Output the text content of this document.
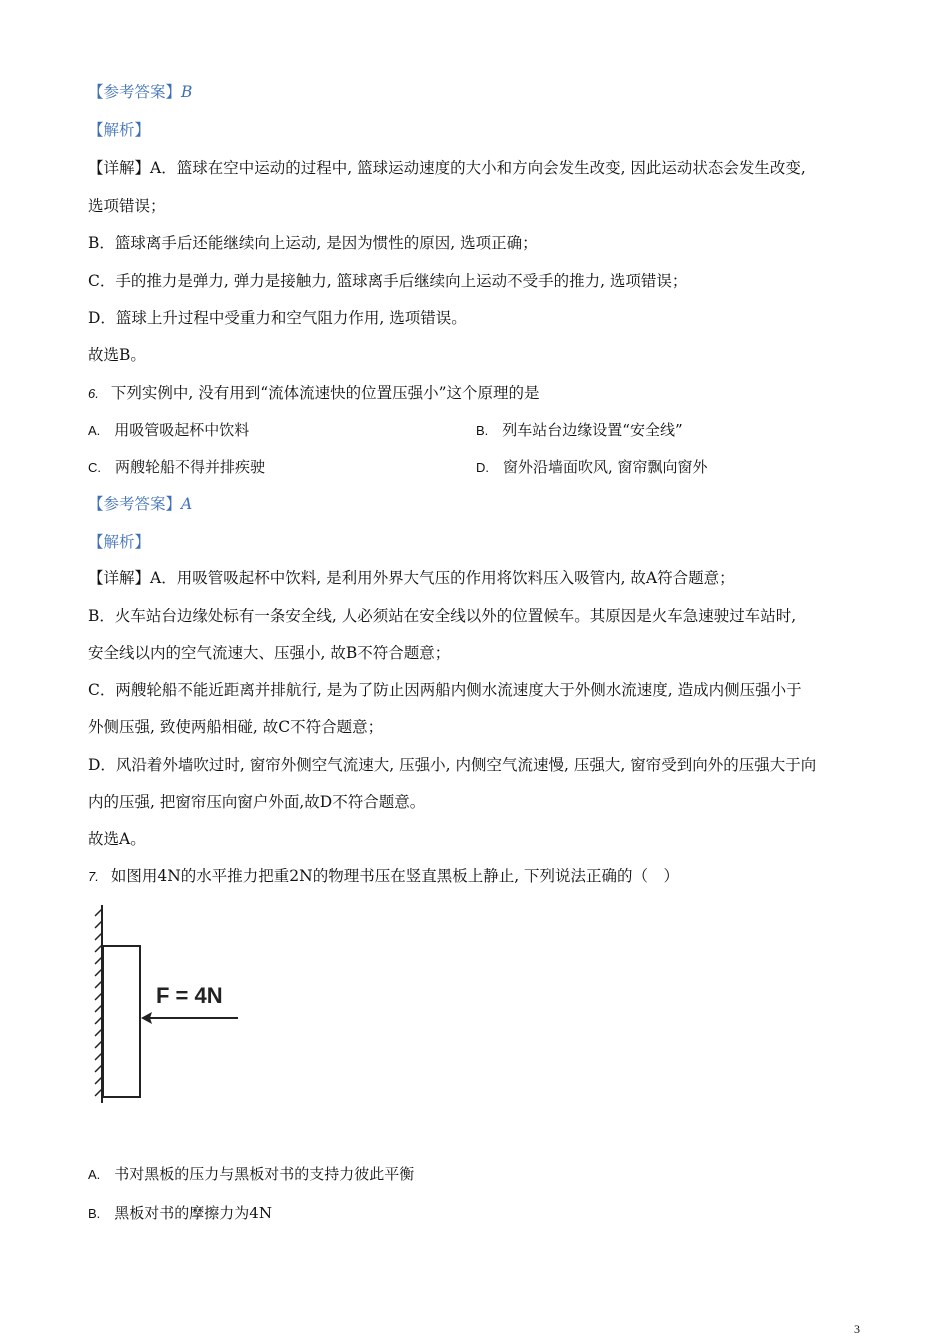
【参考答案】B
【解析】
【详解】A．篮球在空中运动的过程中, 篮球运动速度的大小和方向会发生改变, 因此运动状态会发生改变,
选项错误；
B．篮球离手后还能继续向上运动, 是因为惯性的原因, 选项正确；
C．手的推力是弹力, 弹力是接触力, 篮球离手后继续向上运动不受手的推力, 选项错误；
D．篮球上升过程中受重力和空气阻力作用, 选项错误。
故选B。
6. 下列实例中, 没有用到“流体流速快的位置压强小”这个原理的是
A. 用吸管吸起杯中饮料	B. 列车站台边缘设置“安全线”
C. 两艘轮船不得并排疾驶	D. 窗外沿墙面吹风, 窗帘飘向窗外
【参考答案】A
【解析】
【详解】A．用吸管吸起杯中饮料, 是利用外界大气压的作用将饮料压入吸管内, 故A符合题意；
B．火车站台边缘处标有一条安全线, 人必须站在安全线以外的位置候车。其原因是火车急速驶过车站时,
安全线以内的空气流速大、压强小, 故B不符合题意；
C．两艘轮船不能近距离并排航行, 是为了防止因两船内侧水流速度大于外侧水流速度, 造成内侧压强小于
外侧压强, 致使两船相碰, 故C不符合题意；
D．风沿着外墙吹过时, 窗帘外侧空气流速大, 压强小, 内侧空气流速慢, 压强大, 窗帘受到向外的压强大于向
内的压强, 把窗帘压向窗户外面,故D不符合题意。
故选A。
7. 如图用4N的水平推力把重2N的物理书压在竖直黑板上静止, 下列说法正确的（　）
F = 4N
A. 书对黑板的压力与黑板对书的支持力彼此平衡
B. 黑板对书的摩擦力为4N
3
